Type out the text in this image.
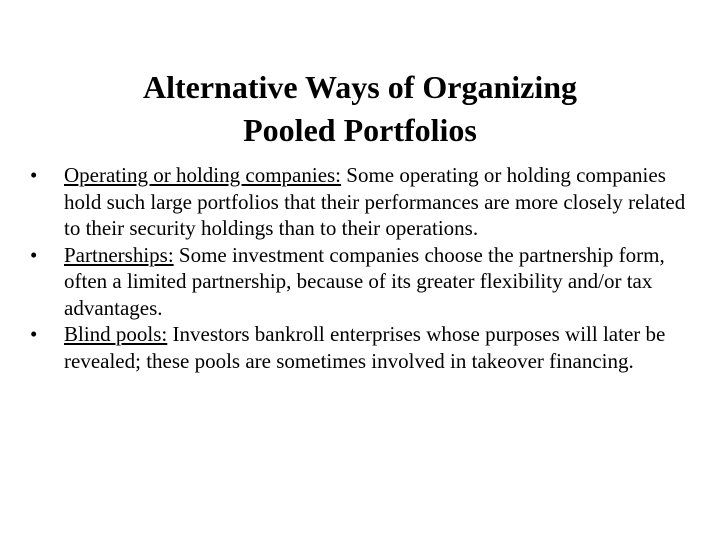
Alternative Ways of Organizing
Pooled Portfolios
•	Operating or holding companies: Some operating or holding companies hold such large portfolios that their performances are more closely related to their security holdings than to their operations.
•	Partnerships: Some investment companies choose the partnership form, often a limited partnership, because of its greater flexibility and/or tax advantages.
•	Blind pools: Investors bankroll enterprises whose purposes will later be revealed; these pools are sometimes involved in takeover financing.
